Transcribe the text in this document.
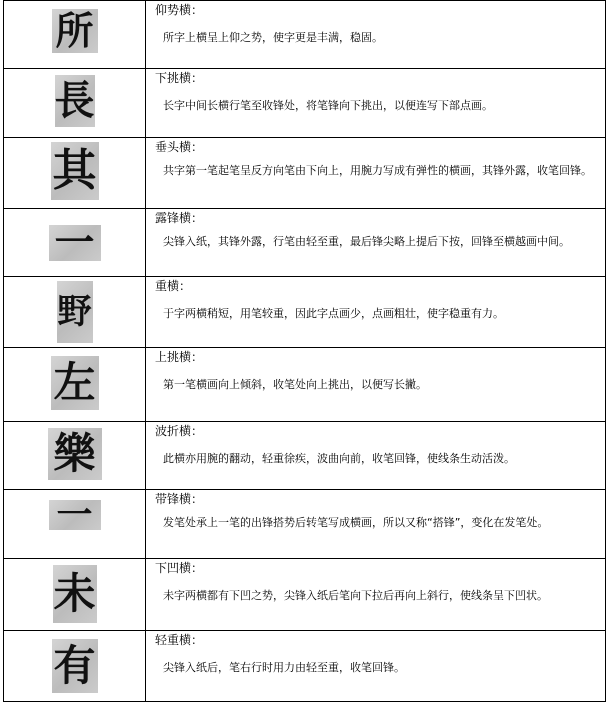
所	仰势横：
所字上横呈上仰之势，使字更是丰满，稳固。

長	下挑横：
长字中间长横行笔至收锋处，将笔锋向下挑出，以便连写下部点画。

其	垂头横：
共字第一笔起笔呈反方向笔由下向上，用腕力写成有弹性的横画，其锋外露，收笔回锋。

一	露锋横：
尖锋入纸，其锋外露，行笔由轻至重，最后锋尖略上提后下按，回锋至横越画中间。

野	重横：
于字两横稍短，用笔较重，因此字点画少，点画粗壮，使字稳重有力。

左	上挑横：
第一笔横画向上倾斜，收笔处向上挑出，以便写长撇。

樂	波折横：
此横亦用腕的翻动，轻重徐疾，波曲向前，收笔回锋，使线条生动活泼。

一	带锋横：
发笔处承上一笔的出锋搭势后转笔写成横画，所以又称“搭锋”，变化在发笔处。

未	下凹横：
未字两横都有下凹之势，尖锋入纸后笔向下拉后再向上斜行，使线条呈下凹状。

有	轻重横：
尖锋入纸后，笔右行时用力由轻至重，收笔回锋。
